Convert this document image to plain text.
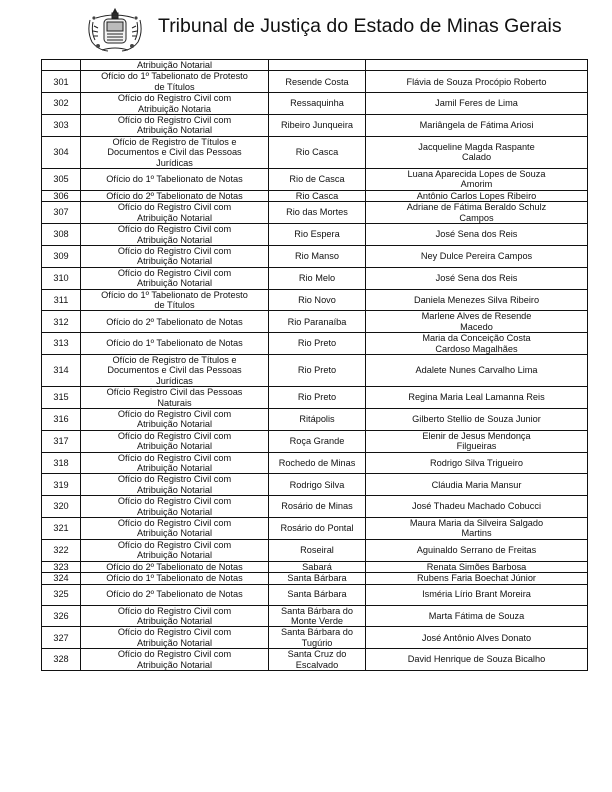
Tribunal de Justiça do Estado de Minas Gerais
	Atribuição Notarial		
301	Ofício do 1º Tabelionato de Protesto
de Títulos	Resende Costa	Flávia de Souza Procópio Roberto
302	Ofício do Registro Civil com
Atribuição Notaria	Ressaquinha	Jamil Feres de Lima
303	Ofício do Registro Civil com
Atribuição Notarial	Ribeiro Junqueira	Mariângela de Fátima Ariosi
304	Ofício de Registro de Títulos e
Documentos e Civil das Pessoas
Jurídicas	Rio Casca	Jacqueline Magda Raspante
Calado
305	Ofício do 1º Tabelionato de Notas	Rio de Casca	Luana Aparecida Lopes de Souza
Amorim
306	Ofício do 2º Tabelionato de Notas	Rio Casca	Antônio Carlos Lopes Ribeiro
307	Ofício do Registro Civil com
Atribuição Notarial	Rio das Mortes	Adriane de Fátima Beraldo Schulz
Campos
308	Ofício do Registro Civil com
Atribuição Notarial	Rio Espera	José Sena dos Reis
309	Ofício do Registro Civil com
Atribuição Notarial	Rio Manso	Ney Dulce Pereira Campos
310	Ofício do Registro Civil com
Atribuição Notarial	Rio Melo	José Sena dos Reis
311	Ofício do 1º Tabelionato de Protesto
de Títulos	Rio Novo	Daniela Menezes Silva Ribeiro
312	Ofício do 2º Tabelionato de Notas	Rio Paranaíba	Marlene Alves de Resende
Macedo
313	Ofício do 1º Tabelionato de Notas	Rio Preto	Maria da Conceição Costa
Cardoso Magalhães
314	Ofício de Registro de Títulos e
Documentos e Civil das Pessoas
Jurídicas	Rio Preto	Adalete Nunes Carvalho Lima
315	Ofício Registro Civil das Pessoas
Naturais	Rio Preto	Regina Maria Leal Lamanna Reis
316	Ofício do Registro Civil com
Atribuição Notarial	Ritápolis	Gilberto Stellio de Souza Junior
317	Ofício do Registro Civil com
Atribuição Notarial	Roça Grande	Elenir de Jesus Mendonça
Filgueiras
318	Ofício do Registro Civil com
Atribuição Notarial	Rochedo de Minas	Rodrigo Silva Trigueiro
319	Ofício do Registro Civil com
Atribuição Notarial	Rodrigo Silva	Cláudia Maria Mansur
320	Ofício do Registro Civil com
Atribuição Notarial	Rosário de Minas	José Thadeu Machado Cobucci
321	Ofício do Registro Civil com
Atribuição Notarial	Rosário do Pontal	Maura Maria da Silveira Salgado
Martins
322	Ofício do Registro Civil com
Atribuição Notarial	Roseiral	Aguinaldo Serrano de Freitas
323	Ofício do 2º Tabelionato de Notas	Sabará	Renata Simões Barbosa
324	Ofício do 1º Tabelionato de Notas	Santa Bárbara	Rubens Faria Boechat Júnior
325	Ofício do 2º Tabelionato de Notas	Santa Bárbara	Isméria Lírio Brant Moreira
326	Ofício do Registro Civil com
Atribuição Notarial	Santa Bárbara do
Monte Verde	Marta Fátima de Souza
327	Ofício do Registro Civil com
Atribuição Notarial	Santa Bárbara do
Tugúrio	José Antônio Alves Donato
328	Ofício do Registro Civil com
Atribuição Notarial	Santa Cruz do
Escalvado	David Henrique de Souza Bicalho
